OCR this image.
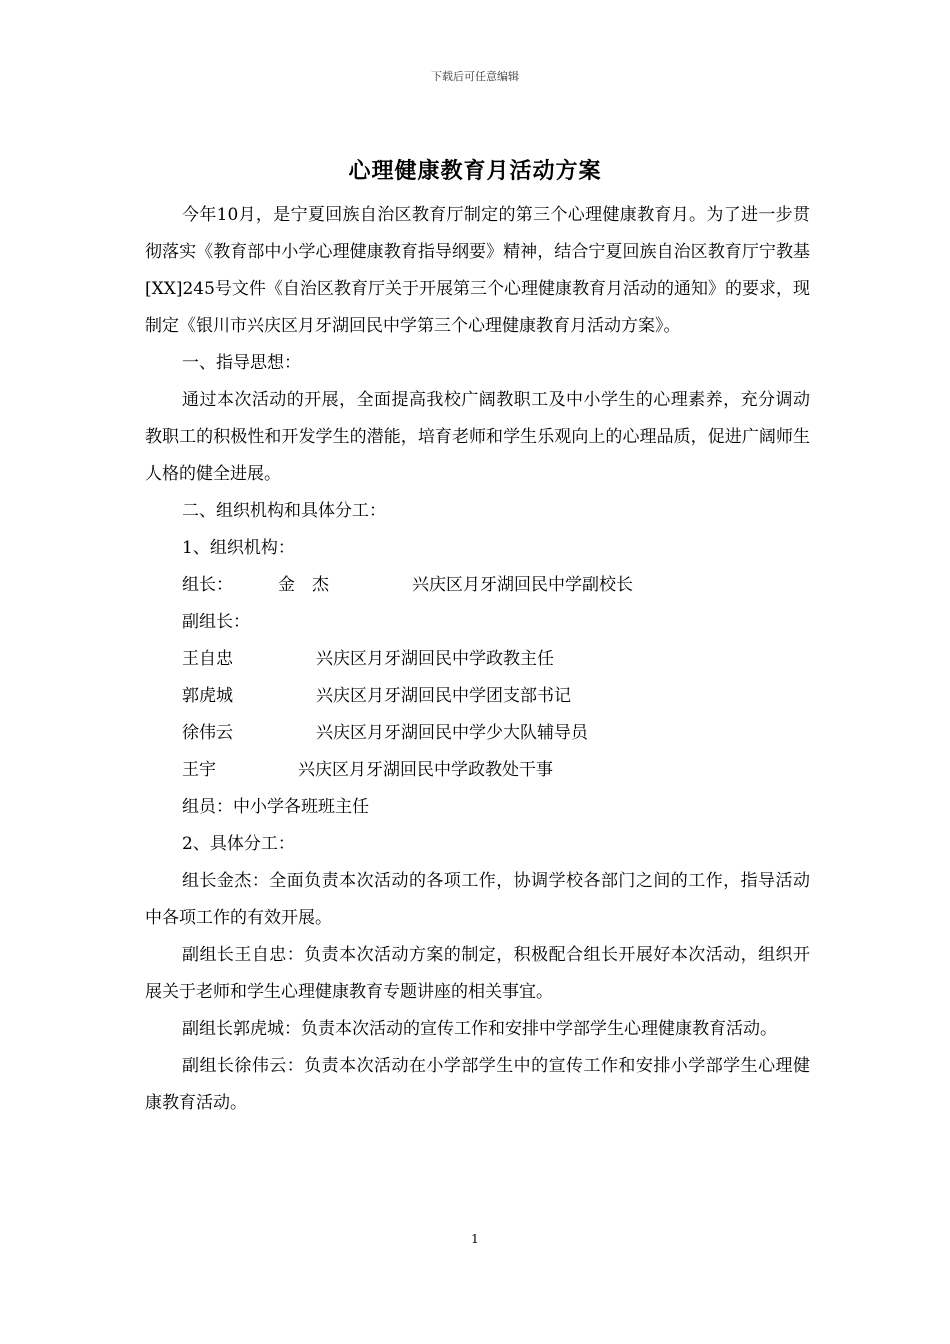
下载后可任意编辑
心理健康教育月活动方案

今年10月，是宁夏回族自治区教育厅制定的第三个心理健康教育月。为了进一步贯彻落实《教育部中小学心理健康教育指导纲要》精神，结合宁夏回族自治区教育厅宁教基[XX]245号文件《自治区教育厅关于开展第三个心理健康教育月活动的通知》的要求，现制定《银川市兴庆区月牙湖回民中学第三个心理健康教育月活动方案》。

一、指导思想：

通过本次活动的开展，全面提高我校广阔教职工及中小学生的心理素养，充分调动教职工的积极性和开发学生的潜能，培育老师和学生乐观向上的心理品质，促进广阔师生人格的健全进展。

二、组织机构和具体分工：

1、组织机构：

组长：	金　杰	兴庆区月牙湖回民中学副校长

副组长：

王自忠	兴庆区月牙湖回民中学政教主任
郭虎城	兴庆区月牙湖回民中学团支部书记
徐伟云	兴庆区月牙湖回民中学少大队辅导员
王宇	兴庆区月牙湖回民中学政教处干事

组员：中小学各班班主任

2、具体分工：

组长金杰：全面负责本次活动的各项工作，协调学校各部门之间的工作，指导活动中各项工作的有效开展。

副组长王自忠：负责本次活动方案的制定，积极配合组长开展好本次活动，组织开展关于老师和学生心理健康教育专题讲座的相关事宜。

副组长郭虎城：负责本次活动的宣传工作和安排中学部学生心理健康教育活动。

副组长徐伟云：负责本次活动在小学部学生中的宣传工作和安排小学部学生心理健康教育活动。

1
